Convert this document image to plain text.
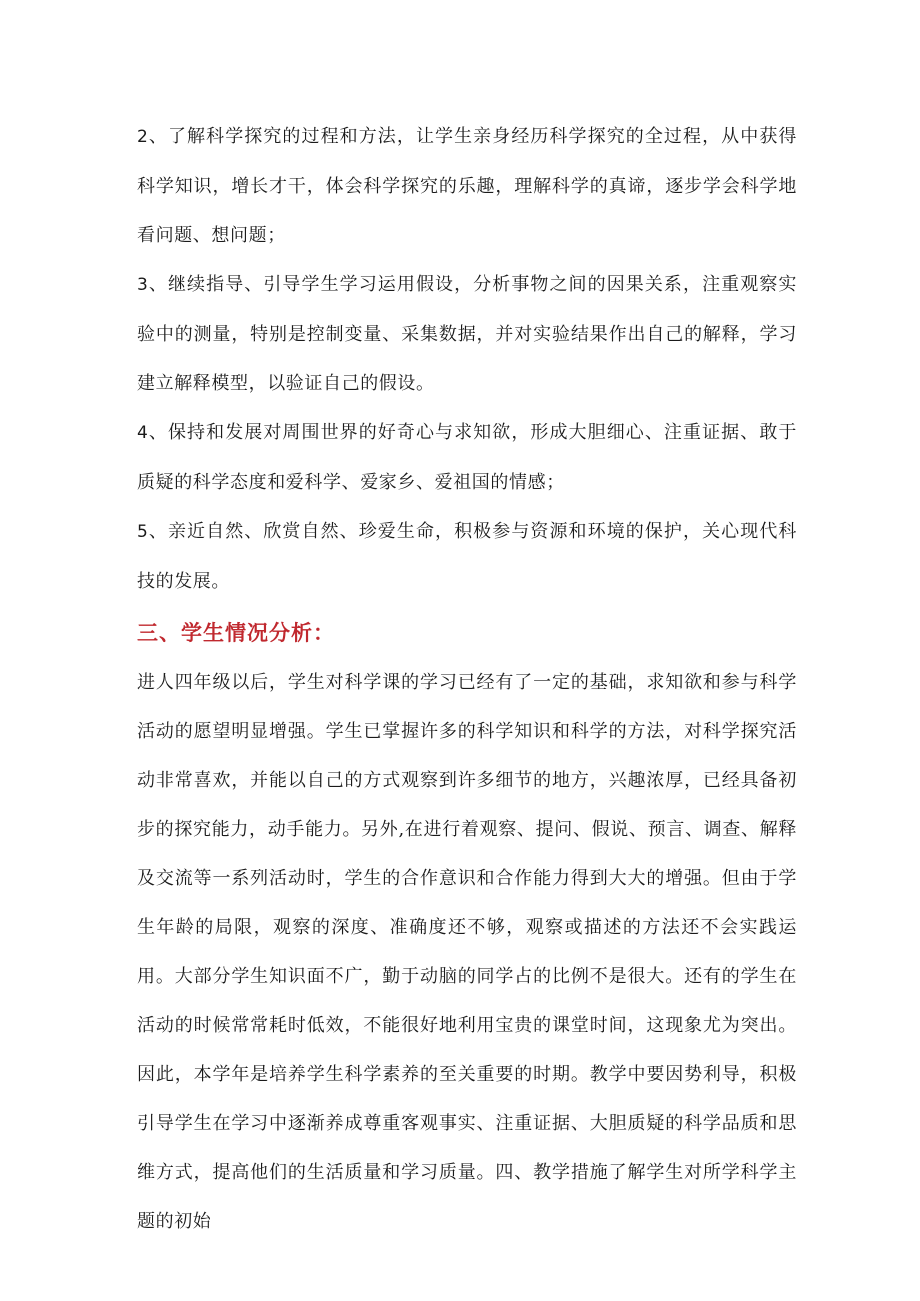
2、了解科学探究的过程和方法，让学生亲身经历科学探究的全过程，从中获得科学知识，增长才干，体会科学探究的乐趣，理解科学的真谛，逐步学会科学地看问题、想问题；

3、继续指导、引导学生学习运用假设，分析事物之间的因果关系，注重观察实验中的测量，特别是控制变量、采集数据，并对实验结果作出自己的解释，学习建立解释模型，以验证自己的假设。

4、保持和发展对周围世界的好奇心与求知欲，形成大胆细心、注重证据、敢于质疑的科学态度和爱科学、爱家乡、爱祖国的情感；

5、亲近自然、欣赏自然、珍爱生命，积极参与资源和环境的保护，关心现代科技的发展。

三、学生情况分析：

进人四年级以后，学生对科学课的学习已经有了一定的基础，求知欲和参与科学活动的愿望明显增强。学生已掌握许多的科学知识和科学的方法，对科学探究活动非常喜欢，并能以自己的方式观察到许多细节的地方，兴趣浓厚，已经具备初步的探究能力，动手能力。另外,在进行着观察、提问、假说、预言、调查、解释及交流等一系列活动时，学生的合作意识和合作能力得到大大的增强。但由于学生年龄的局限，观察的深度、准确度还不够，观察或描述的方法还不会实践运用。大部分学生知识面不广，勤于动脑的同学占的比例不是很大。还有的学生在活动的时候常常耗时低效，不能很好地利用宝贵的课堂时间，这现象尤为突出。因此，本学年是培养学生科学素养的至关重要的时期。教学中要因势利导，积极引导学生在学习中逐渐养成尊重客观事实、注重证据、大胆质疑的科学品质和思维方式，提高他们的生活质量和学习质量。四、教学措施了解学生对所学科学主题的初始
